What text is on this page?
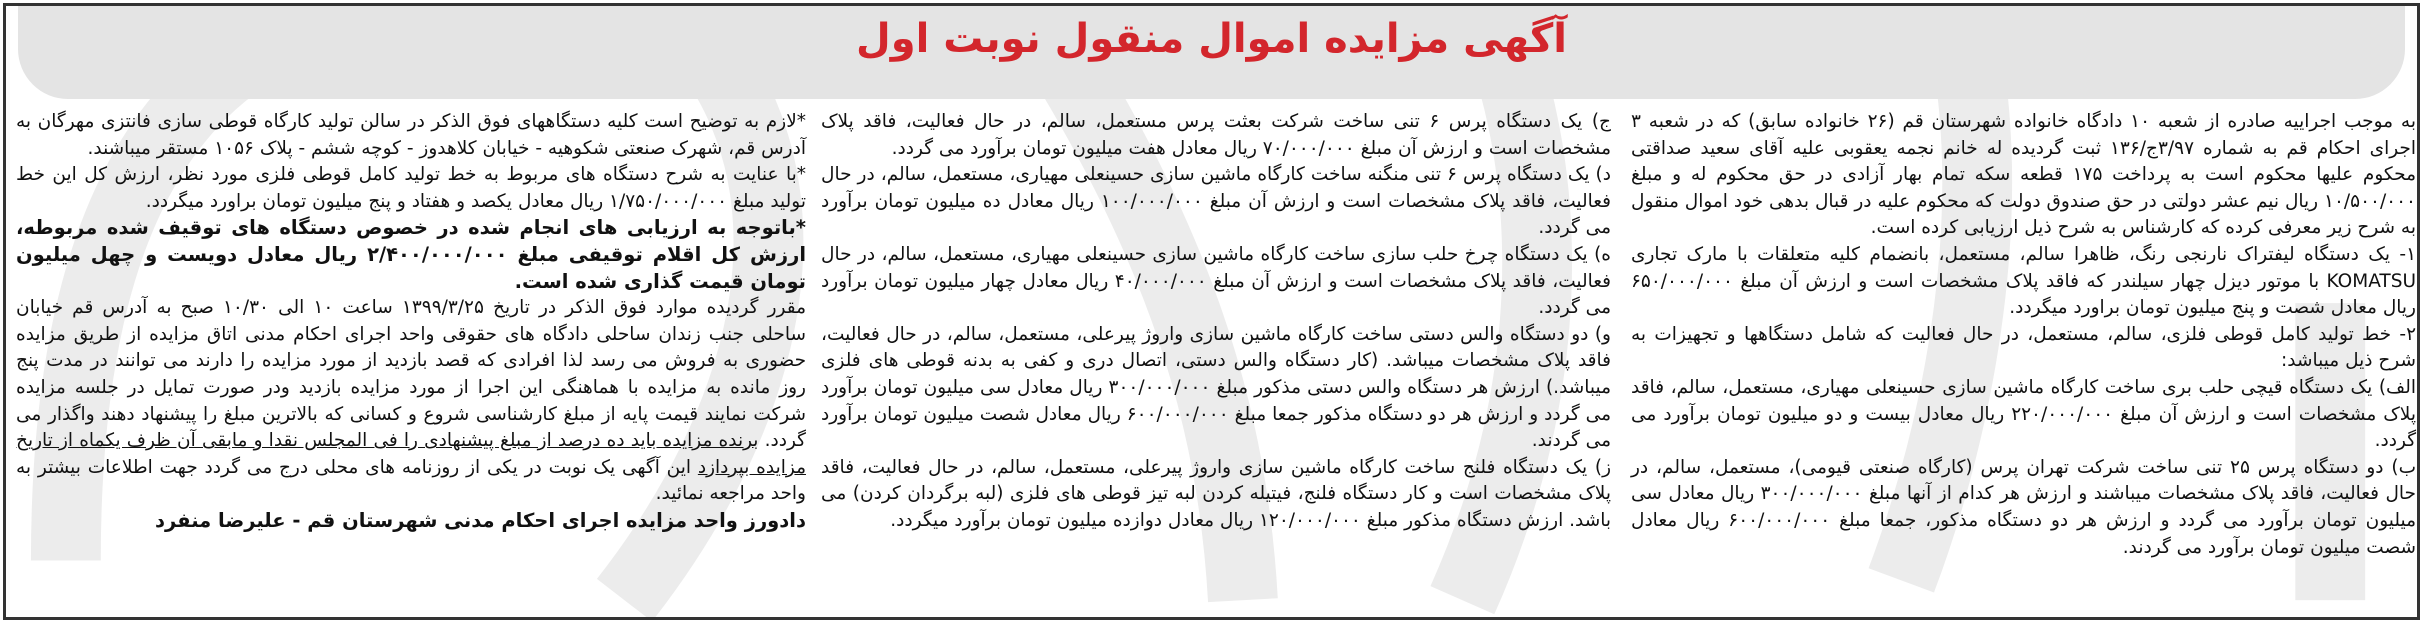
آگهی مزایده اموال منقول نوبت اول

به موجب اجراییه صادره از شعبه ۱۰ دادگاه خانواده شهرستان قم (۲۶ خانواده سابق) که در شعبه ۳ اجرای احکام قم به شماره ۳/۹۷ج/۱۳۶ ثبت گردیده له خانم نجمه یعقوبی علیه آقای سعید صداقتی محکوم علیها محکوم است به پرداخت ۱۷۵ قطعه سکه تمام بهار آزادی در حق محکوم له و مبلغ ۱۰/۵۰۰/۰۰۰ ریال نیم عشر دولتی در حق صندوق دولت که محکوم علیه در قبال بدهی خود اموال منقول به شرح زیر معرفی کرده که کارشناس به شرح ذیل ارزیابی کرده است.

۱- یک دستگاه لیفتراک نارنجی رنگ، ظاهرا سالم، مستعمل، بانضمام کلیه متعلقات با مارک تجاری KOMATSU با موتور دیزل چهار سیلندر که فاقد پلاک مشخصات است و ارزش آن مبلغ ۶۵۰/۰۰۰/۰۰۰ ریال معادل شصت و پنج میلیون تومان براورد میگردد.

۲- خط تولید کامل قوطی فلزی، سالم، مستعمل، در حال فعالیت که شامل دستگاهها و تجهیزات به شرح ذیل میباشد:

الف) یک دستگاه قیچی حلب بری ساخت کارگاه ماشین سازی حسینعلی مهیاری، مستعمل، سالم، فاقد پلاک مشخصات است و ارزش آن مبلغ ۲۲۰/۰۰۰/۰۰۰ ریال معادل بیست و دو میلیون تومان برآورد می گردد.

ب) دو دستگاه پرس ۲۵ تنی ساخت شرکت تهران پرس (کارگاه صنعتی قیومی)، مستعمل، سالم، در حال فعالیت، فاقد پلاک مشخصات میباشند و ارزش هر کدام از آنها مبلغ ۳۰۰/۰۰۰/۰۰۰ ریال معادل سی میلیون تومان برآورد می گردد و ارزش هر دو دستگاه مذکور، جمعا مبلغ ۶۰۰/۰۰۰/۰۰۰ ریال معادل شصت میلیون تومان برآورد می گردند.

ج) یک دستگاه پرس ۶ تنی ساخت شرکت بعثت پرس مستعمل، سالم، در حال فعالیت، فاقد پلاک مشخصات است و ارزش آن مبلغ ۷۰/۰۰۰/۰۰۰ ریال معادل هفت میلیون تومان برآورد می گردد.

د) یک دستگاه پرس ۶ تنی منگنه ساخت کارگاه ماشین سازی حسینعلی مهیاری، مستعمل، سالم، در حال فعالیت، فاقد پلاک مشخصات است و ارزش آن مبلغ ۱۰۰/۰۰۰/۰۰۰ ریال معادل ده میلیون تومان برآورد می گردد.

ه) یک دستگاه چرخ حلب سازی ساخت کارگاه ماشین سازی حسینعلی مهیاری، مستعمل، سالم، در حال فعالیت، فاقد پلاک مشخصات است و ارزش آن مبلغ ۴۰/۰۰۰/۰۰۰ ریال معادل چهار میلیون تومان برآورد می گردد.

و) دو دستگاه والس دستی ساخت کارگاه ماشین سازی واروژ پیرعلی، مستعمل، سالم، در حال فعالیت، فاقد پلاک مشخصات میباشد. (کار دستگاه والس دستی، اتصال دری و کفی به بدنه قوطی های فلزی میباشد.) ارزش هر دستگاه والس دستی مذکور مبلغ ۳۰۰/۰۰۰/۰۰۰ ریال معادل سی میلیون تومان برآورد می گردد و ارزش هر دو دستگاه مذکور جمعا مبلغ ۶۰۰/۰۰۰/۰۰۰ ریال معادل شصت میلیون تومان برآورد می گردند.

ز) یک دستگاه فلنج ساخت کارگاه ماشین سازی واروژ پیرعلی، مستعمل، سالم، در حال فعالیت، فاقد پلاک مشخصات است و کار دستگاه فلنج، فیتیله کردن لبه تیز قوطی های فلزی (لبه برگردان کردن) می باشد. ارزش دستگاه مذکور مبلغ ۱۲۰/۰۰۰/۰۰۰ ریال معادل دوازده میلیون تومان برآورد میگردد.

*لازم به توضیح است کلیه دستگاههای فوق الذکر در سالن تولید کارگاه قوطی سازی فانتزی مهرگان به آدرس قم، شهرک صنعتی شکوهیه - خیابان کلاهدوز - کوچه ششم - پلاک ۱۰۵۶ مستقر میباشند.

*با عنایت به شرح دستگاه های مربوط به خط تولید کامل قوطی فلزی مورد نظر، ارزش کل این خط تولید مبلغ ۱/۷۵۰/۰۰۰/۰۰۰ ریال معادل یکصد و هفتاد و پنج میلیون تومان براورد میگردد.

*باتوجه به ارزیابی های انجام شده در خصوص دستگاه های توقیف شده مربوطه، ارزش کل اقلام توقیفی مبلغ ۲/۴۰۰/۰۰۰/۰۰۰ ریال معادل دویست و چهل میلیون تومان قیمت گذاری شده است.

مقرر گردیده موارد فوق الذکر در تاریخ ۱۳۹۹/۳/۲۵ ساعت ۱۰ الی ۱۰/۳۰ صبح به آدرس قم خیابان ساحلی جنب زندان ساحلی دادگاه های حقوقی واحد اجرای احکام مدنی اتاق مزایده از طریق مزایده حضوری به فروش می رسد لذا افرادی که قصد بازدید از مورد مزایده را دارند می توانند در مدت پنج روز مانده به مزایده با هماهنگی این اجرا از مورد مزایده بازدید ودر صورت تمایل در جلسه مزایده شرکت نمایند قیمت پایه از مبلغ کارشناسی شروع و کسانی که بالاترین مبلغ را پیشنهاد دهند واگذار می گردد. برنده مزایده باید ده درصد از مبلغ پیشنهادی را فی المجلس نقدا و مابقی آن ظرف یکماه از تاریخ مزایده بپردازد این آگهی یک نوبت در یکی از روزنامه های محلی درج می گردد جهت اطلاعات بیشتر به واحد مراجعه نمائید.

دادورز واحد مزایده اجرای احکام مدنی شهرستان قم - علیرضا منفرد
